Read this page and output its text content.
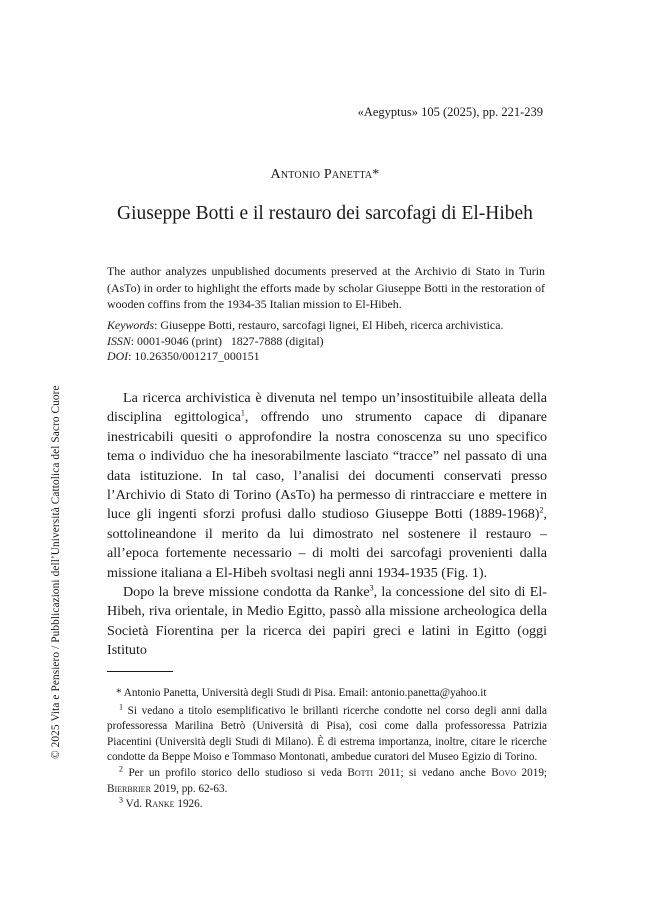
«Aegyptus» 105 (2025), pp. 221-239
Antonio Panetta*
Giuseppe Botti e il restauro dei sarcofagi di El-Hibeh
The author analyzes unpublished documents preserved at the Archivio di Stato in Turin (AsTo) in order to highlight the efforts made by scholar Giuseppe Botti in the restoration of wooden coffins from the 1934-35 Italian mission to El-Hibeh.
Keywords: Giuseppe Botti, restauro, sarcofagi lignei, El Hibeh, ricerca archivistica.
ISSN: 0001-9046 (print)   1827-7888 (digital)
DOI: 10.26350/001217_000151

La ricerca archivistica è divenuta nel tempo un’insostituibile alleata della disciplina egittologica$^1$, offrendo uno strumento capace di dipanare inestricabili quesiti o approfondire la nostra conoscenza su uno specifico tema o individuo che ha inesorabilmente lasciato “tracce” nel passato di una data istituzione. In tal caso, l’analisi dei documenti conservati presso l’Archivio di Stato di Torino (AsTo) ha permesso di rintracciare e mettere in luce gli ingenti sforzi profusi dallo studioso Giuseppe Botti (1889-1968)$^2$, sottolineandone il merito da lui dimostrato nel sostenere il restauro – all’epoca fortemente necessario – di molti dei sarcofagi provenienti dalla missione italiana a El-Hibeh svoltasi negli anni 1934-1935 (Fig. 1).

Dopo la breve missione condotta da Ranke$^3$, la concessione del sito di El-Hibeh, riva orientale, in Medio Egitto, passò alla missione archeologica della Società Fiorentina per la ricerca dei papiri greci e latini in Egitto (oggi Istituto

* Antonio Panetta, Università degli Studi di Pisa. Email: antonio.panetta@yahoo.it

$^1$ Si vedano a titolo esemplificativo le brillanti ricerche condotte nel corso degli anni dalla professoressa Marilina Betrò (Università di Pisa), così come dalla professoressa Patrizia Piacentini (Università degli Studi di Milano). È di estrema importanza, inoltre, citare le ricerche condotte da Beppe Moiso e Tommaso Montonati, ambedue curatori del Museo Egizio di Torino.

$^2$ Per un profilo storico dello studioso si veda Botti 2011; si vedano anche Bovo 2019; Bierbrier 2019, pp. 62-63.

$^3$ Vd. Ranke 1926.

© 2025 Vita e Pensiero / Pubblicazioni dell’Università Cattolica del Sacro Cuore
